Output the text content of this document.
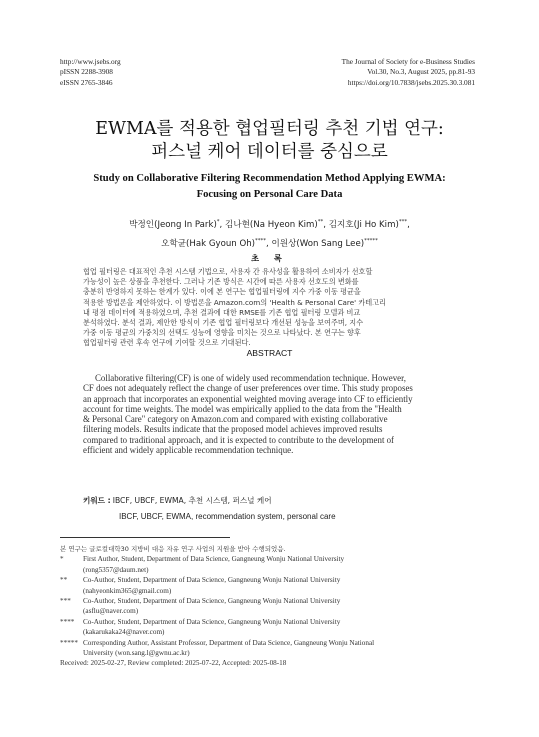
http://www.jsebs.org
pISSN 2288-3908
eISSN 2765-3846
The Journal of Society for e-Business Studies
Vol.30, No.3, August 2025, pp.81-93
https://doi.org/10.7838/jsebs.2025.30.3.081
EWMA를 적용한 협업필터링 추천 기법 연구:
퍼스널 케어 데이터를 중심으로
Study on Collaborative Filtering Recommendation Method Applying EWMA:
Focusing on Personal Care Data
박정인(Jeong In Park)*, 김나현(Na Hyeon Kim)**, 김지호(Ji Ho Kim)***,
오학균(Hak Gyoun Oh)****, 이원상(Won Sang Lee)*****
초 록
협업 필터링은 대표적인 추천 시스템 기법으로, 사용자 간 유사성을 활용하여 소비자가 선호할
가능성이 높은 상품을 추천한다. 그러나 기존 방식은 시간에 따른 사용자 선호도의 변화를
충분히 반영하지 못하는 한계가 있다. 이에 본 연구는 협업필터링에 지수 가중 이동 평균을
적용한 방법론을 제안하였다. 이 방법론을 Amazon.com의 'Health & Personal Care' 카테고리
내 평점 데이터에 적용하였으며, 추천 결과에 대한 RMSE를 기존 협업 필터링 모델과 비교
분석하였다. 분석 결과, 제안한 방식이 기존 협업 필터링보다 개선된 성능을 보여주며, 지수
가중 이동 평균의 가중치의 선택도 성능에 영향을 미치는 것으로 나타났다. 본 연구는 향후
협업필터링 관련 후속 연구에 기여할 것으로 기대된다.
ABSTRACT
Collaborative filtering(CF) is one of widely used recommendation technique. However,
CF does not adequately reflect the change of user preferences over time. This study proposes
an approach that incorporates an exponential weighted moving average into CF to efficiently
account for time weights. The model was empirically applied to the data from the "Health
& Personal Care" category on Amazon.com and compared with existing collaborative
filtering models. Results indicate that the proposed model achieves improved results
compared to traditional approach, and it is expected to contribute to the development of
efficient and widely applicable recommendation technique.
키워드 : IBCF, UBCF, EWMA, 추천 시스템, 퍼스널 케어
IBCF, UBCF, EWMA, recommendation system, personal care
본 연구는 글로컬대학30 지방비 대응 자유 연구 사업의 지원을 받아 수행되었음.
*	First Author, Student, Department of Data Science, Gangneung Wonju National University
(rong5357@daum.net)
**	Co-Author, Student, Department of Data Science, Gangneung Wonju National University
(nahyeonkim365@gmail.com)
***	Co-Author, Student, Department of Data Science, Gangneung Wonju National University
(asflu@naver.com)
****	Co-Author, Student, Department of Data Science, Gangneung Wonju National University
(kakarukaka24@naver.com)
***** Corresponding Author, Assistant Professor, Department of Data Science, Gangneung Wonju National
University (won.sang.l@gwnu.ac.kr)
Received: 2025-02-27, Review completed: 2025-07-22, Accepted: 2025-08-18
